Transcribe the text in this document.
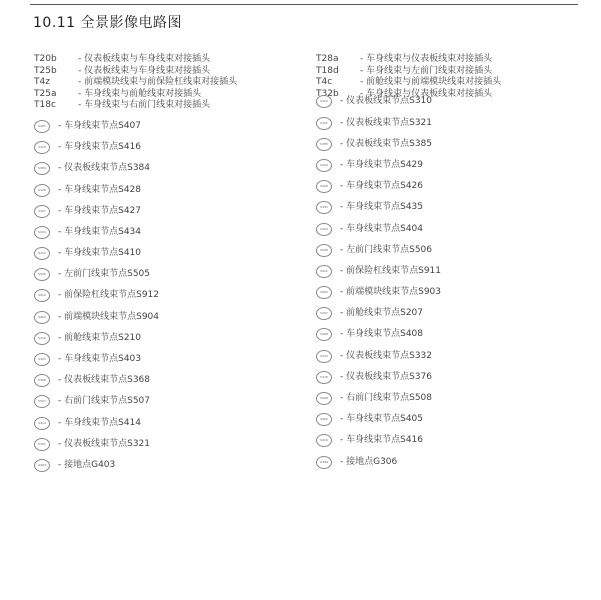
10.11 全景影像电路图
T20b - 仪表板线束与车身线束对接插头
T25b - 仪表板线束与车身线束对接插头
T4z	- 前端模块线束与前保险杠线束对接插头
T25a - 车身线束与前舱线束对接插头
T18c - 车身线束与右前门线束对接插头
S407	- 车身线束节点S407
S416	- 车身线束节点S416
S384	- 仪表板线束节点S384
S428	- 车身线束节点S428
S427	- 车身线束节点S427
S434	- 车身线束节点S434
S410	- 车身线束节点S410
S505	- 左前门线束节点S505
S912	- 前保险杠线束节点S912
S904	- 前端模块线束节点S904
S210	- 前舱线束节点S210
S403	- 车身线束节点S403
S368	- 仪表板线束节点S368
S507	- 右前门线束节点S507
S414	- 车身线束节点S414
S321	- 仪表板线束节点S321
G403	- 接地点G403
T28a - 车身线束与仪表板线束对接插头
T18d - 车身线束与左前门线束对接插头
T4c	- 前舱线束与前端模块线束对接插头
T32b - 车身线束与仪表板线束对接插头
S310	- 仪表板线束节点S310
S321	- 仪表板线束节点S321
S385	- 仪表板线束节点S385
S429	- 车身线束节点S429
S426	- 车身线束节点S426
S435	- 车身线束节点S435
S404	- 车身线束节点S404
S506	- 左前门线束节点S506
S911	- 前保险杠线束节点S911
S903	- 前端模块线束节点S903
S207	- 前舱线束节点S207
S408	- 车身线束节点S408
S332	- 仪表板线束节点S332
S376	- 仪表板线束节点S376
S508	- 右前门线束节点S508
S405	- 车身线束节点S405
S416	- 车身线束节点S416
G306	- 接地点G306
